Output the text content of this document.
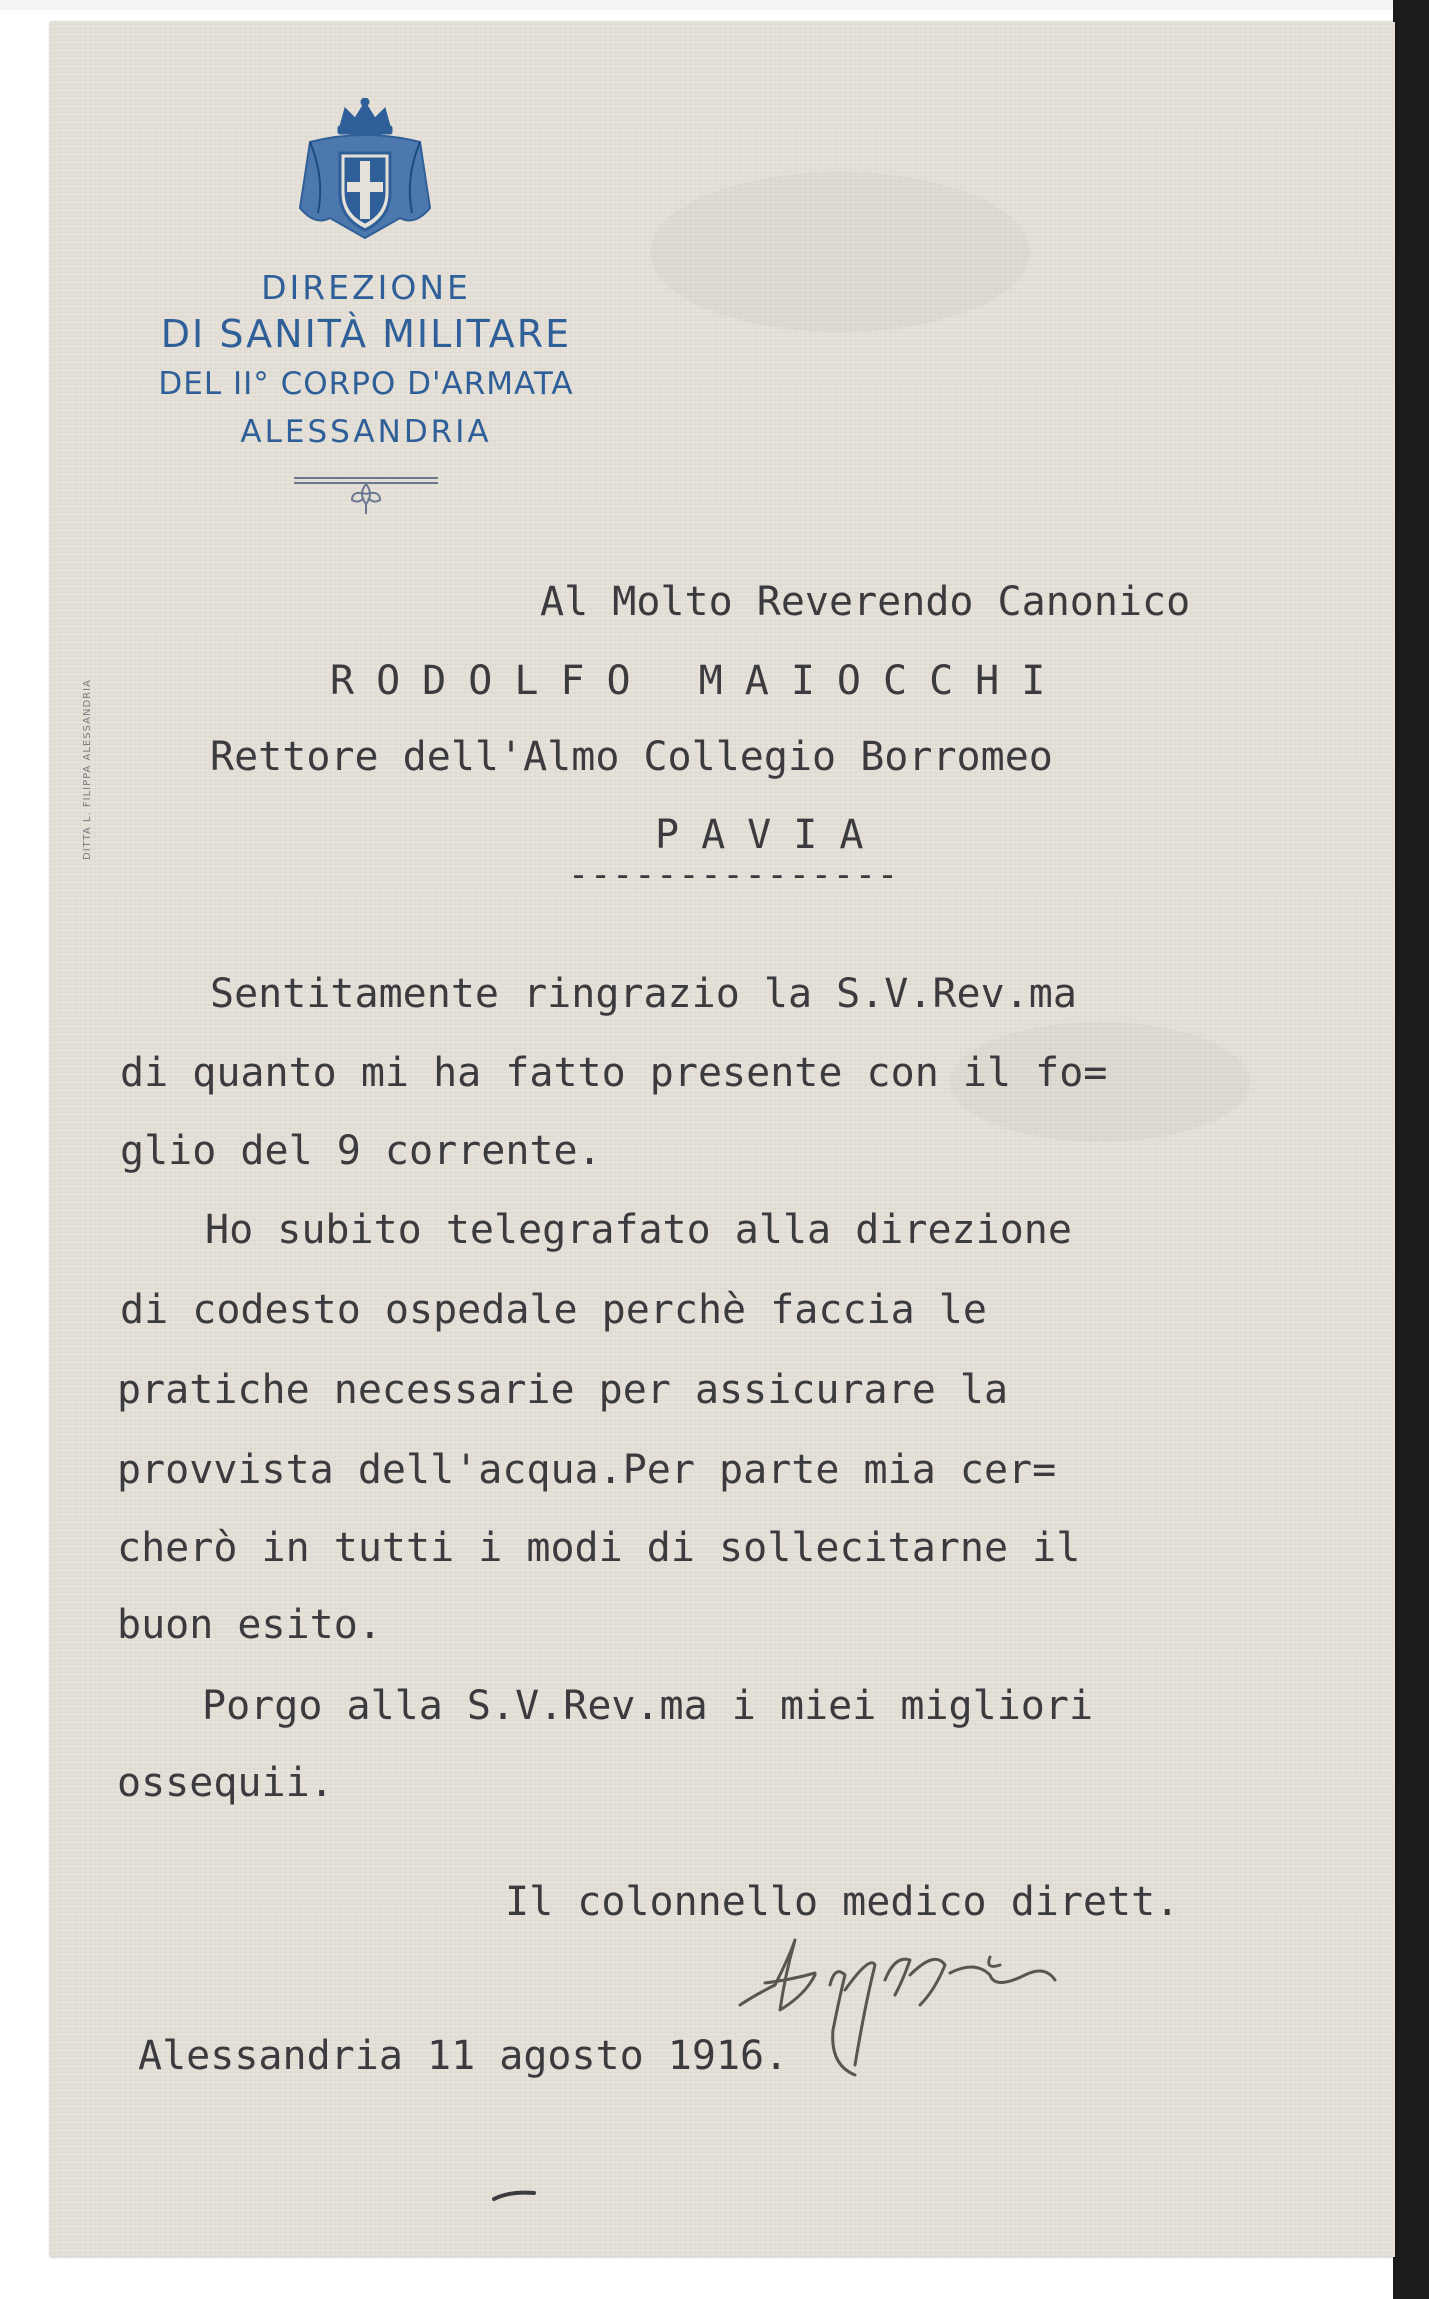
DIREZIONE
DI SANITÀ MILITARE
DEL II° CORPO D'ARMATA
ALESSANDRIA
DITTA L. FILIPPA ALESSANDRIA
Al Molto Reverendo Canonico
RODOLFO MAIOCCHI
Rettore dell'Almo Collegio Borromeo
PAVIA
---------------
Sentitamente ringrazio la S.V.Rev.ma
di quanto mi ha fatto presente con il fo=
glio del 9 corrente.
Ho subito telegrafato alla direzione
di codesto ospedale perchè faccia le
pratiche necessarie per assicurare la
provvista dell'acqua.Per parte mia cer=
cherò in tutti i modi di sollecitarne il
buon esito.
Porgo alla S.V.Rev.ma i miei migliori
ossequii.
Il colonnello medico dirett.
Alessandria 11 agosto 1916.
